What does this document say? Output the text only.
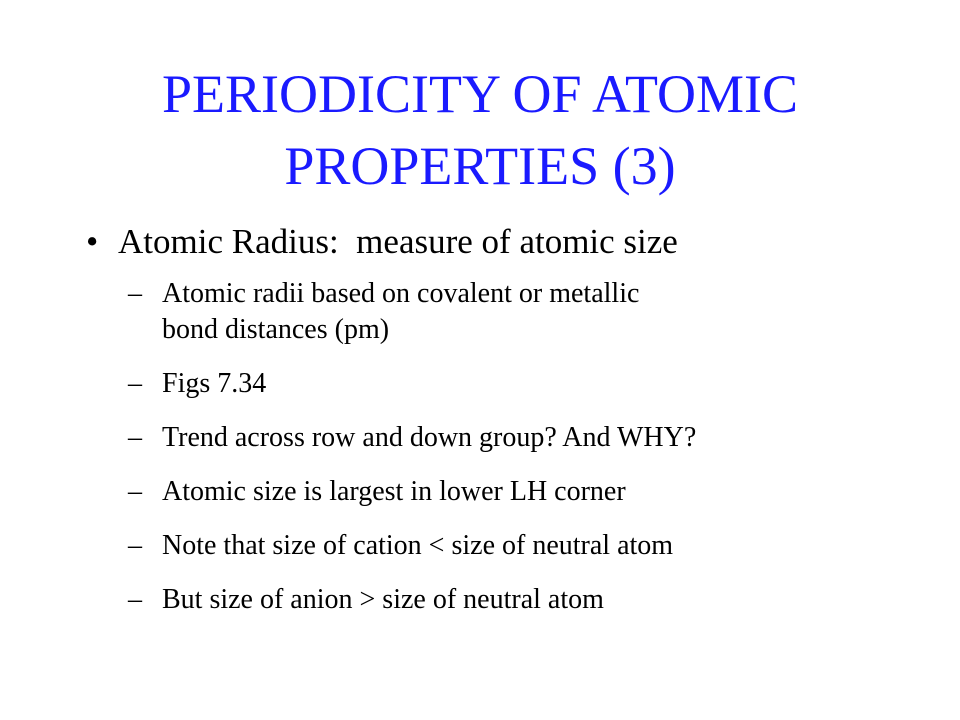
PERIODICITY OF ATOMIC
PROPERTIES (3)
• Atomic Radius:  measure of atomic size
– Atomic radii based on covalent or metallic
bond distances (pm)
– Figs 7.34
– Trend across row and down group? And WHY?
– Atomic size is largest in lower LH corner
– Note that size of cation < size of neutral atom
– But size of anion > size of neutral atom
